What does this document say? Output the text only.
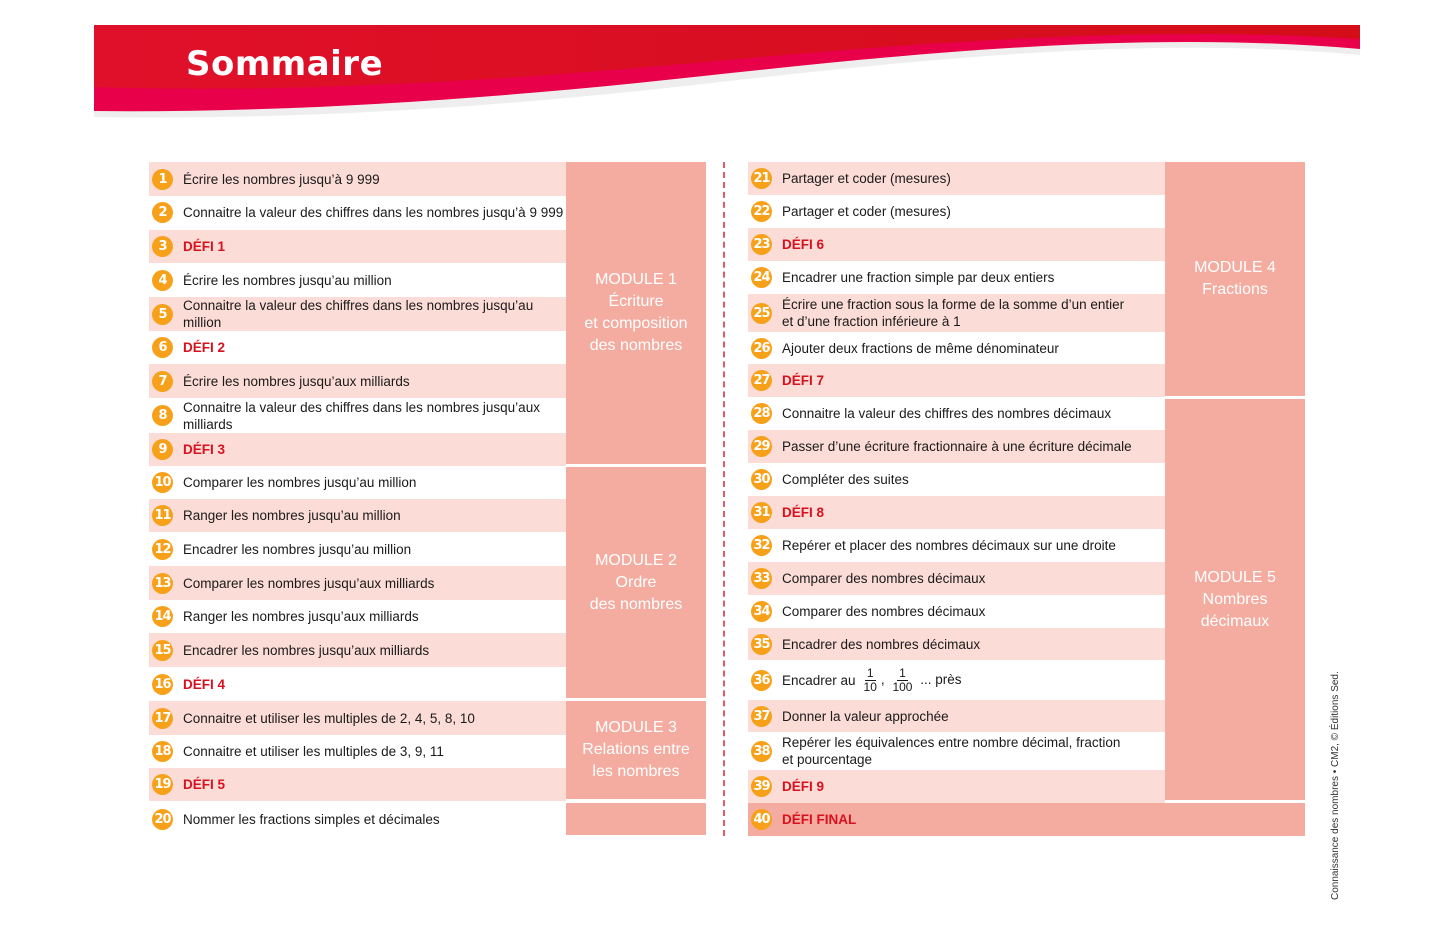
Sommaire
1	Écrire les nombres jusqu’à 9 999
2	Connaitre la valeur des chiffres dans les nombres jusqu’à 9 999
3	DÉFI 1
4	Écrire les nombres jusqu’au million
5
Connaitre la valeur des chiffres dans les nombres jusqu’au million
6	DÉFI 2
7	Écrire les nombres jusqu’aux milliards
8
Connaitre la valeur des chiffres dans les nombres jusqu’aux milliards
9	DÉFI 3
10 Comparer les nombres jusqu’au million
11 Ranger les nombres jusqu’au million
12 Encadrer les nombres jusqu’au million
13 Comparer les nombres jusqu’aux milliards
14 Ranger les nombres jusqu’aux milliards
15 Encadrer les nombres jusqu’aux milliards
16 DÉFI 4
17 Connaitre et utiliser les multiples de 2, 4, 5, 8, 10
18 Connaitre et utiliser les multiples de 3, 9, 11
19 DÉFI 5
20 Nommer les fractions simples et décimales
MODULE 1
Écriture
et composition
des nombres
MODULE 2
Ordre
des nombres
MODULE 3
Relations entre
les nombres
21 Partager et coder (mesures)
22 Partager et coder (mesures)
23 DÉFI 6
24 Encadrer une fraction simple par deux entiers
25
Écrire une fraction sous la forme de la somme d’un entier et d’une fraction inférieure à 1
26 Ajouter deux fractions de même dénominateur
27 DÉFI 7
28 Connaitre la valeur des chiffres des nombres décimaux
29 Passer d’une écriture fractionnaire à une écriture décimale
30 Compléter des suites
31 DÉFI 8
32 Repérer et placer des nombres décimaux sur une droite
33 Comparer des nombres décimaux
34 Comparer des nombres décimaux
35 Encadrer des nombres décimaux
36 Encadrer au $\frac{1}{10}$ , $\frac{1}{100}$ ... près
37 Donner la valeur approchée
38
Repérer les équivalences entre nombre décimal, fraction et pourcentage
39 DÉFI 9
40 DÉFI FINAL
MODULE 4
Fractions
MODULE 5
Nombres
décimaux
Connaissance des nombres • CM2, © Éditions Sed.
